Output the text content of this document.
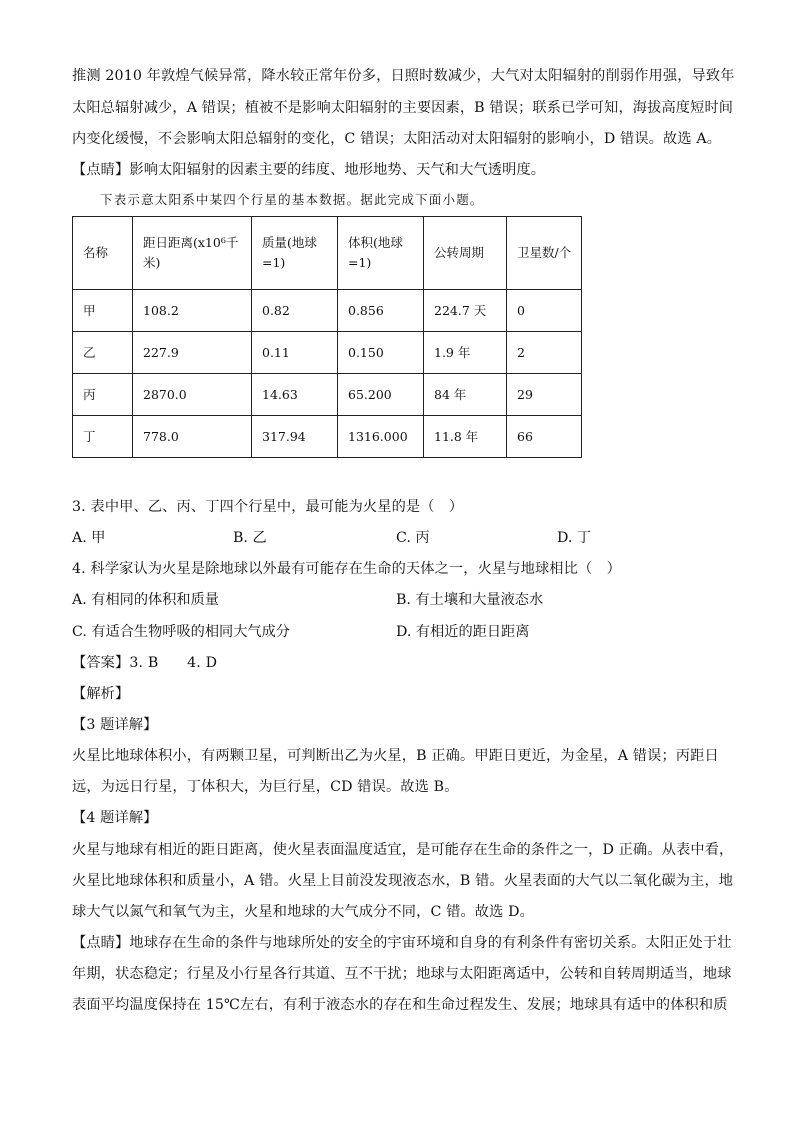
推测 2010 年敦煌气候异常，降水较正常年份多，日照时数减少，大气对太阳辐射的削弱作用强，导致年
太阳总辐射减少，A 错误；植被不是影响太阳辐射的主要因素，B 错误；联系已学可知，海拔高度短时间
内变化缓慢，不会影响太阳总辐射的变化，C 错误；太阳活动对太阳辐射的影响小，D 错误。故选 A。
【点睛】影响太阳辐射的因素主要的纬度、地形地势、天气和大气透明度。
下表示意太阳系中某四个行星的基本数据。据此完成下面小题。
名称	距日距离(x10⁶千米)	质量(地球=1)	体积(地球=1)	公转周期	卫星数/个
甲	108.2	0.82	0.856	224.7 天	0
乙	227.9	0.11	0.150	1.9 年	2
丙	2870.0	14.63	65.200	84 年	29
丁	778.0	317.94	1316.000	11.8 年	66
3. 表中甲、乙、丙、丁四个行星中，最可能为火星的是（　）
A. 甲	B. 乙	C. 丙	D. 丁
4. 科学家认为火星是除地球以外最有可能存在生命的天体之一，火星与地球相比（　）
A. 有相同的体积和质量	B. 有土壤和大量液态水
C. 有适合生物呼吸的相同大气成分	D. 有相近的距日距离
【答案】3. B　　4. D
【解析】
【3 题详解】
火星比地球体积小，有两颗卫星，可判断出乙为火星，B 正确。甲距日更近，为金星，A 错误；丙距日
远，为远日行星，丁体积大，为巨行星，CD 错误。故选 B。
【4 题详解】
火星与地球有相近的距日距离，使火星表面温度适宜，是可能存在生命的条件之一，D 正确。从表中看，
火星比地球体积和质量小，A 错。火星上目前没发现液态水，B 错。火星表面的大气以二氧化碳为主，地
球大气以氮气和氧气为主，火星和地球的大气成分不同，C 错。故选 D。
【点睛】地球存在生命的条件与地球所处的安全的宇宙环境和自身的有利条件有密切关系。太阳正处于壮
年期，状态稳定；行星及小行星各行其道、互不干扰；地球与太阳距离适中，公转和自转周期适当，地球
表面平均温度保持在 15℃左右，有利于液态水的存在和生命过程发生、发展；地球具有适中的体积和质
